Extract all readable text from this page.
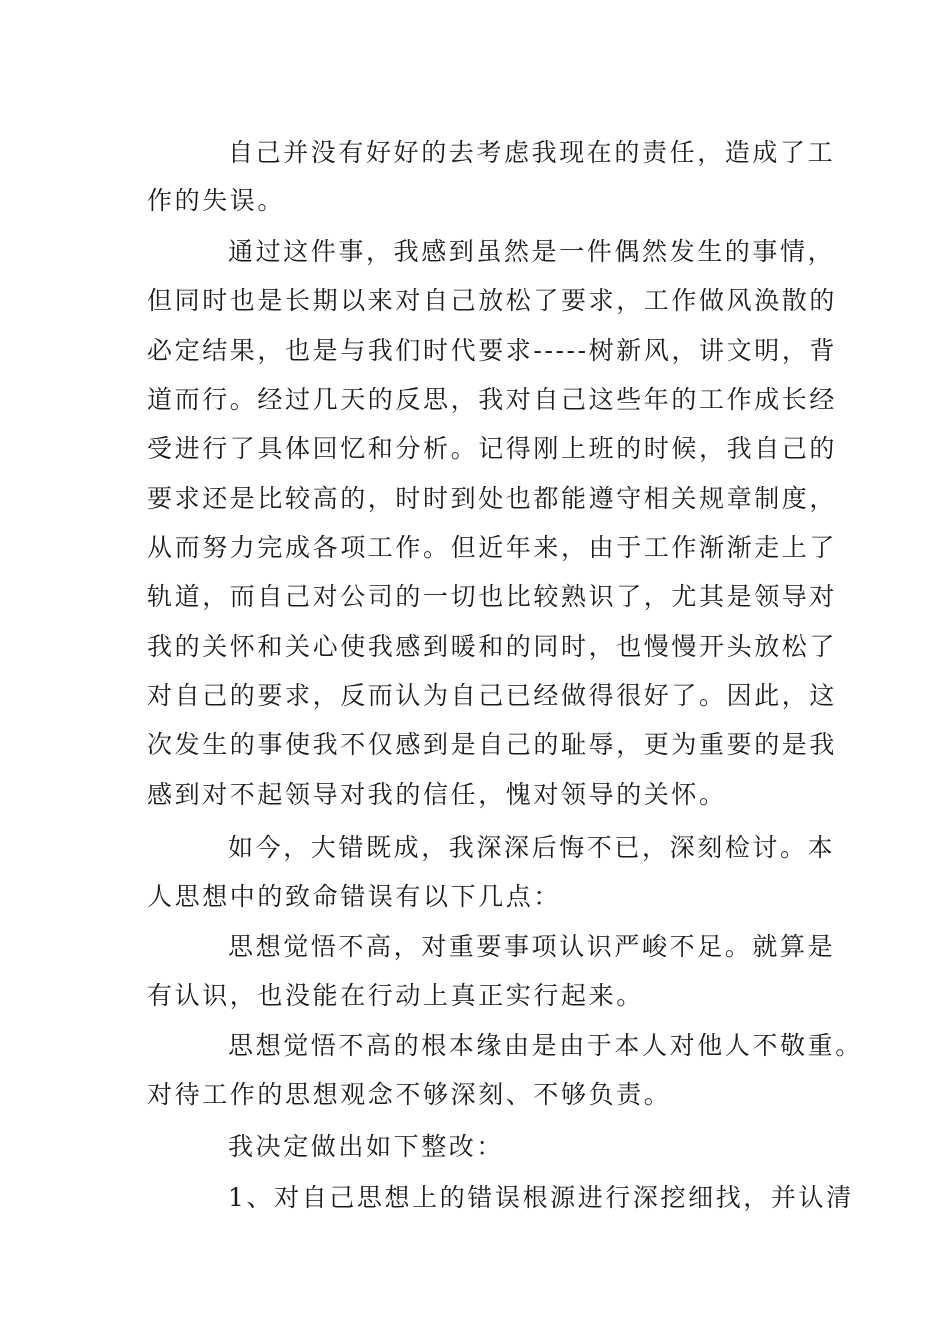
自己并没有好好的去考虑我现在的责任，造成了工
作的失误。
通过这件事，我感到虽然是一件偶然发生的事情，
但同时也是长期以来对自己放松了要求，工作做风涣散的
必定结果，也是与我们时代要求-----树新风，讲文明，背
道而行。经过几天的反思，我对自己这些年的工作成长经
受进行了具体回忆和分析。记得刚上班的时候，我自己的
要求还是比较高的，时时到处也都能遵守相关规章制度，
从而努力完成各项工作。但近年来，由于工作渐渐走上了
轨道，而自己对公司的一切也比较熟识了，尤其是领导对
我的关怀和关心使我感到暖和的同时，也慢慢开头放松了
对自己的要求，反而认为自己已经做得很好了。因此，这
次发生的事使我不仅感到是自己的耻辱，更为重要的是我
感到对不起领导对我的信任，愧对领导的关怀。
如今，大错既成，我深深后悔不已，深刻检讨。本
人思想中的致命错误有以下几点：
思想觉悟不高，对重要事项认识严峻不足。就算是
有认识，也没能在行动上真正实行起来。
思想觉悟不高的根本缘由是由于本人对他人不敬重。
对待工作的思想观念不够深刻、不够负责。
我决定做出如下整改：
1、对自己思想上的错误根源进行深挖细找，并认清
